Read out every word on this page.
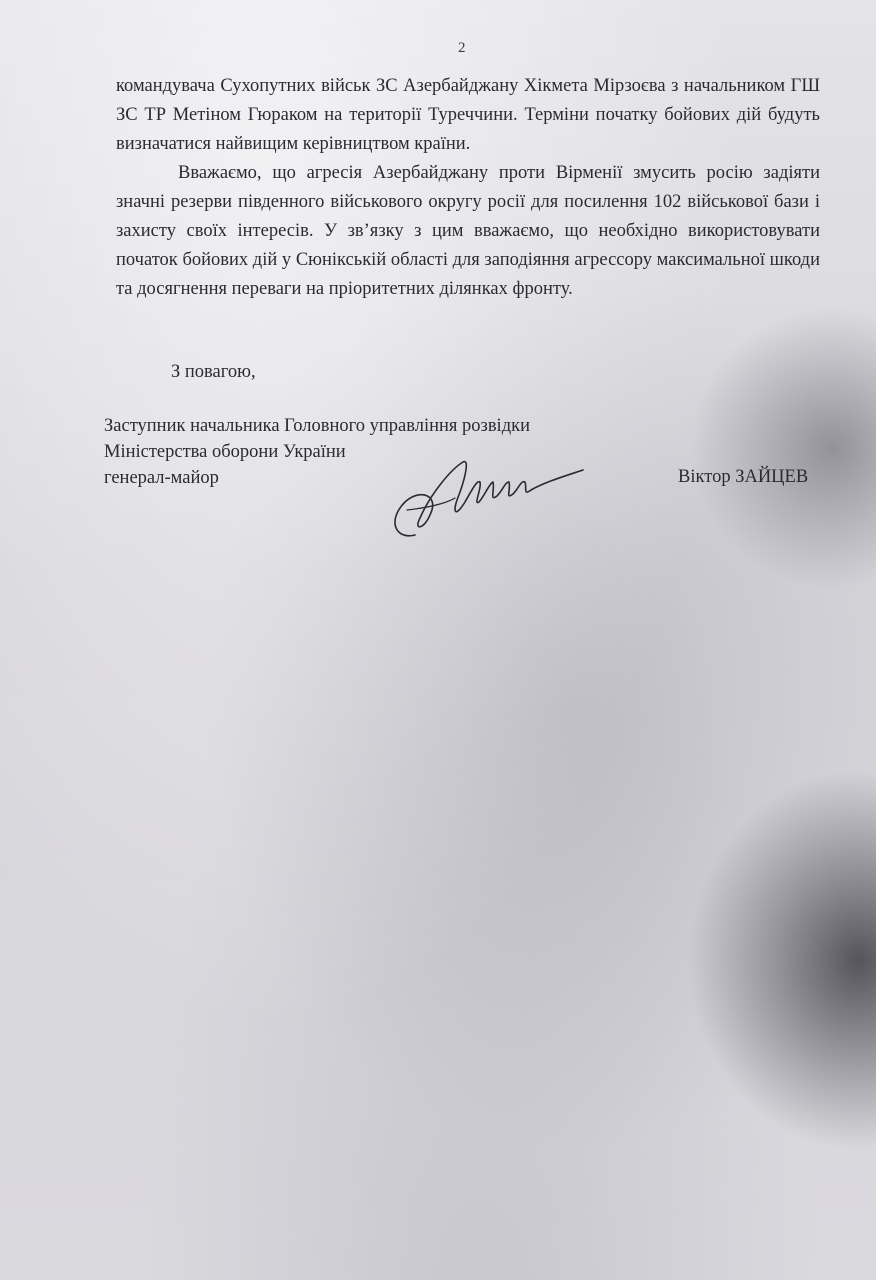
2

командувача Сухопутних військ ЗС Азербайджану Хікмета Мірзоєва з начальником ГШ ЗС ТР Метіном Гюраком на території Туреччини. Терміни початку бойових дій будуть визначатися найвищим керівництвом країни.

Вважаємо, що агресія Азербайджану проти Вірменії змусить росію задіяти значні резерви південного військового округу росії для посилення 102 військової бази і захисту своїх інтересів. У зв’язку з цим вважаємо, що необхідно використовувати початок бойових дій у Сюнікській області для заподіяння агрессору максимальної шкоди та досягнення переваги на пріоритетних ділянках фронту.

З повагою,
Заступник начальника Головного управління розвідки
Міністерства оборони України
генерал-майор	Віктор ЗАЙЦЕВ
